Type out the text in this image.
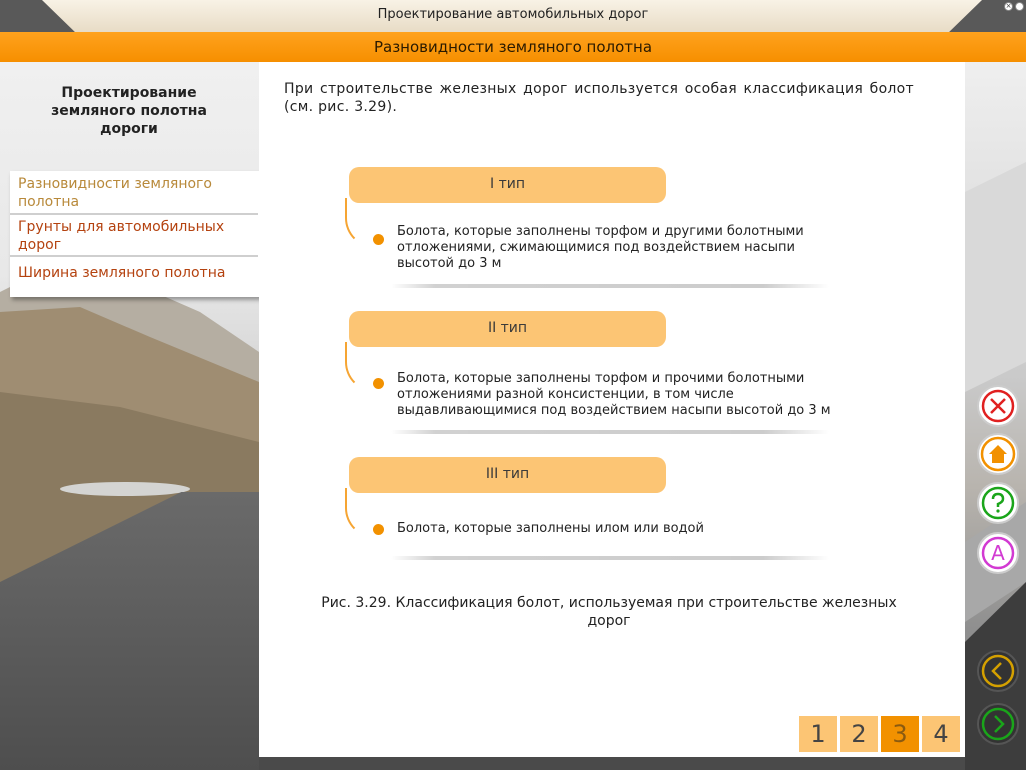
Проектирование автомобильных дорог
×
Разновидности земляного полотна
Проектирование земляного полотна дороги
Разновидности земляного полотна
Грунты для автомобильных дорог
Ширина земляного полотна
При строительстве железных дорог используется особая классификация болот (см. рис. 3.29).
I тип
Болота, которые заполнены торфом и другими болотными отложениями, сжимающимися под воздействием насыпи высотой до 3 м
II тип
Болота, которые заполнены торфом и прочими болотными отложениями разной консистенции, в том числе выдавливающимися под воздействием насыпи высотой до 3 м
III тип
Болота, которые заполнены илом или водой
Рис. 3.29. Классификация болот, используемая при строительстве железных дорог
1	2	3	4
A
